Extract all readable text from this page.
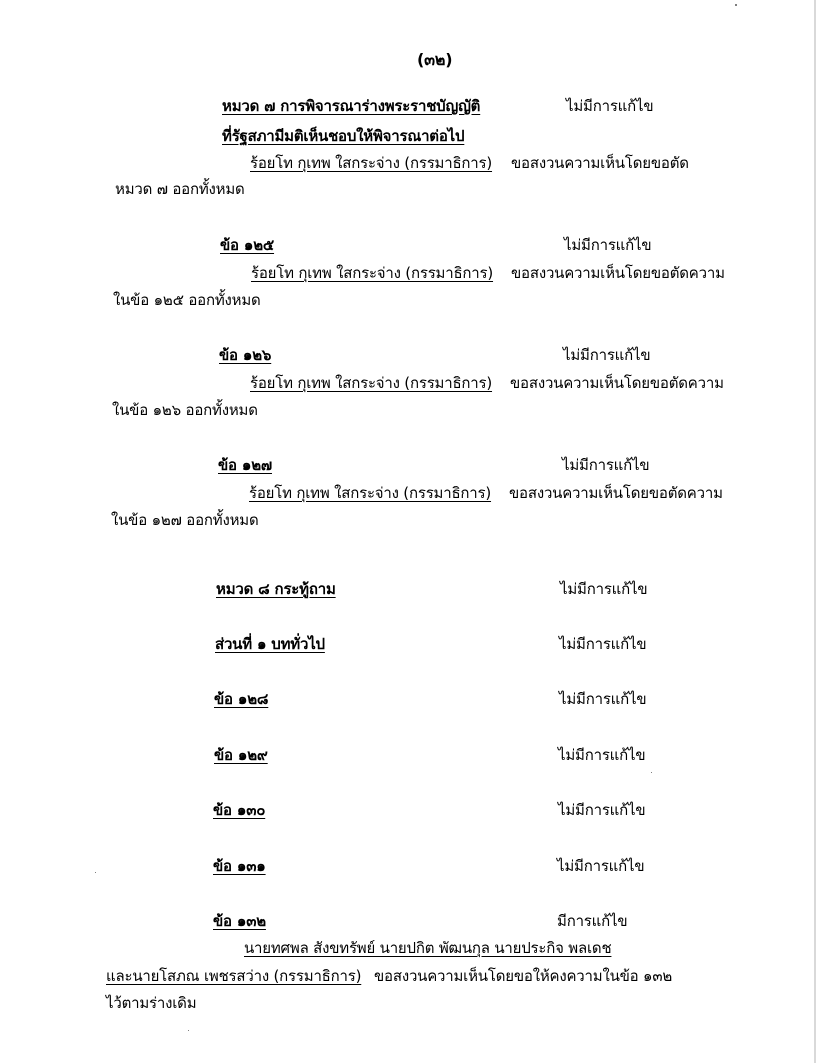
(๓๒)
หมวด ๗ การพิจารณาร่างพระราชบัญญัติ	ไม่มีการแก้ไข
ที่รัฐสภามีมติเห็นชอบให้พิจารณาต่อไป
ร้อยโท กุเทพ ใสกระจ่าง (กรรมาธิการ) ขอสงวนความเห็นโดยขอตัด
หมวด ๗ ออกทั้งหมด
ข้อ ๑๒๕	ไม่มีการแก้ไข
ร้อยโท กุเทพ ใสกระจ่าง (กรรมาธิการ) ขอสงวนความเห็นโดยขอตัดความ
ในข้อ ๑๒๕ ออกทั้งหมด
ข้อ ๑๒๖	ไม่มีการแก้ไข
ร้อยโท กุเทพ ใสกระจ่าง (กรรมาธิการ) ขอสงวนความเห็นโดยขอตัดความ
ในข้อ ๑๒๖ ออกทั้งหมด
ข้อ ๑๒๗	ไม่มีการแก้ไข
ร้อยโท กุเทพ ใสกระจ่าง (กรรมาธิการ) ขอสงวนความเห็นโดยขอตัดความ
ในข้อ ๑๒๗ ออกทั้งหมด
หมวด ๘ กระทู้ถาม	ไม่มีการแก้ไข
ส่วนที่ ๑ บททั่วไป	ไม่มีการแก้ไข
ข้อ ๑๒๘	ไม่มีการแก้ไข
ข้อ ๑๒๙	ไม่มีการแก้ไข
ข้อ ๑๓๐	ไม่มีการแก้ไข
ข้อ ๑๓๑	ไม่มีการแก้ไข
ข้อ ๑๓๒	มีการแก้ไข
นายทศพล สังขทรัพย์ นายปกิต พัฒนกุล นายประกิจ พลเดช
และนายโสภณ เพชรสว่าง (กรรมาธิการ) ขอสงวนความเห็นโดยขอให้คงความในข้อ ๑๓๒
ไว้ตามร่างเดิม
